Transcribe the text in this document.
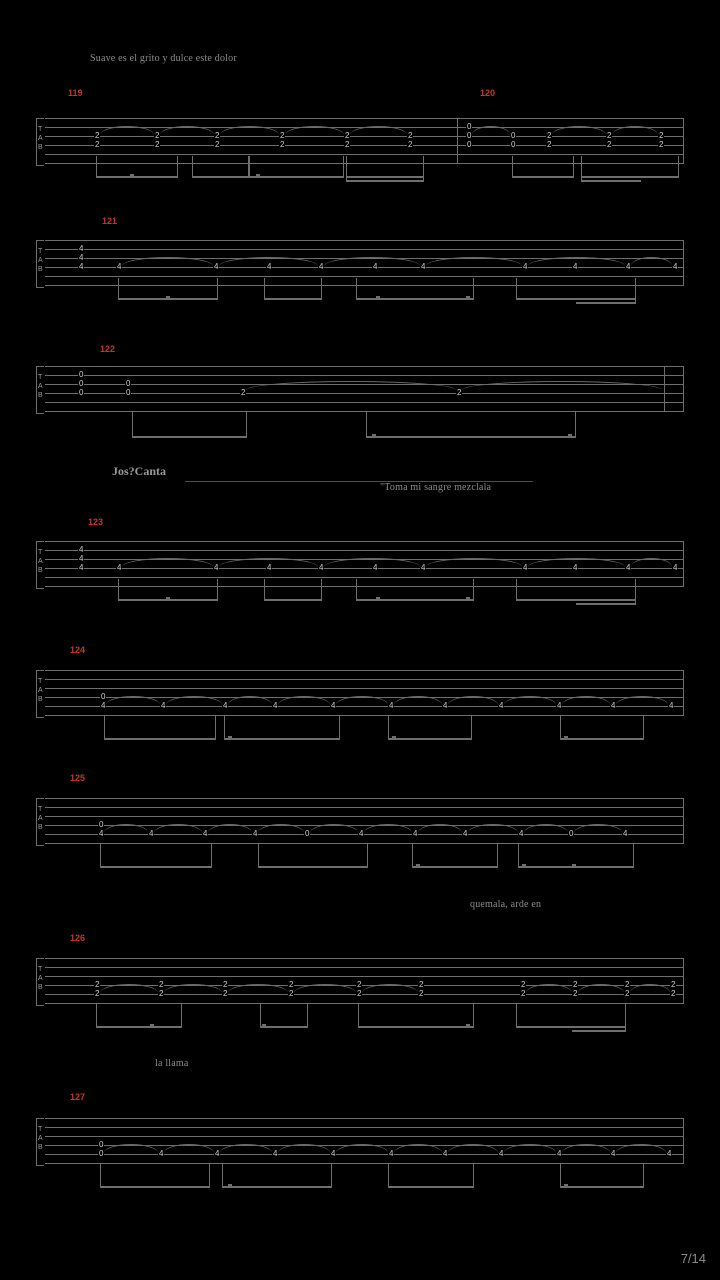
Suave es el grito y dulce este dolor
"Toma mi sangre mezclala
quemala, arde en
la llama
Jos?Canta
119	120
T
A
B
2
2
2
2
2
2
2
2
2
2
2
2
0
0
0
0
0
2
2
2
2
2
2
121
T
A
B
4
4
4	4	4	4	4	4	4	4	4	4	4
122
T
A
B
0
0
0
0
0	2	2
123
T
A
B
4
4
4	4	4	4	4	4	4	4	4	4	4
124
T
A
B	0
4	4	4	4	4	4	4	4	4	4	4
125
T
A
B	0
4	4	4	4	0	4	4	4	4	0	4
126
T
A
B	2
2
2
2
2
2
2
2
2
2
2
2
2
2
2
2
2
2
2
2
127
T
A
B	0
0	4	4	4	4	4	4	4	4	4	4
7/14
